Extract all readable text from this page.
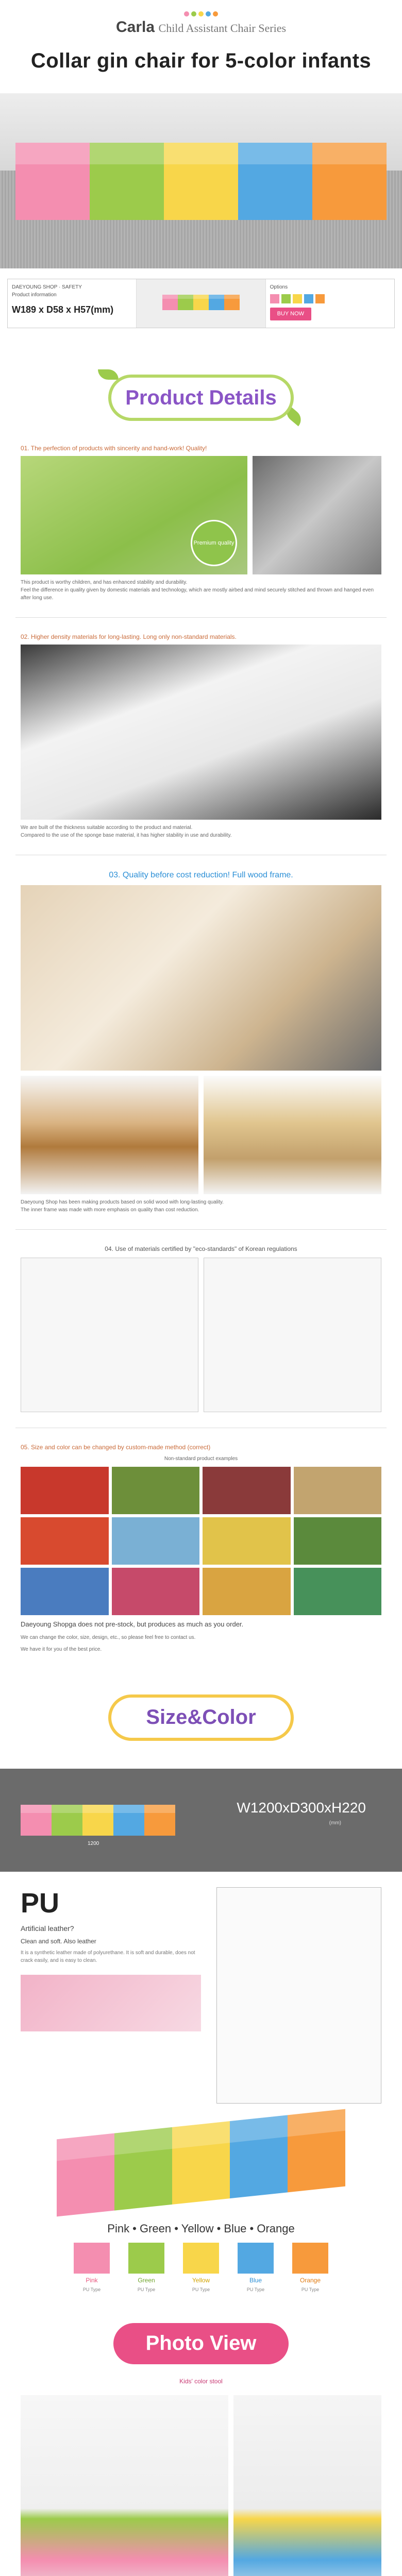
Carla Child Assistant Chair Series
Collar gin chair for 5-color infants
DAEYOUNG SHOP · SAFETY
Product information
W189 x D58 x H57(mm)
Options
BUY NOW
Product Details
01. The perfection of products with sincerity and hand-work! Quality!
Premium quality
This product is worthy children, and has enhanced stability and durability.
Feel the difference in quality given by domestic materials and technology, which are mostly airbed and mind securely stitched and thrown and hanged even after long use.
02. Higher density materials for long-lasting. Long only non-standard materials.
We are built of the thickness suitable according to the product and material.
Compared to the use of the sponge base material, it has higher stability in use and durability.
03. Quality before cost reduction! Full wood frame.
Daeyoung Shop has been making products based on solid wood with long-lasting quality.
The inner frame was made with more emphasis on quality than cost reduction.
04. Use of materials certified by "eco-standards" of Korean regulations
05. Size and color can be changed by custom-made method (correct)
Non-standard product examples
Daeyoung Shopga does not pre-stock, but produces as much as you order.
We can change the color, size, design, etc., so please feel free to contact us.
We have it for you of the best price.
Size&Color
1200
W1200xD300xH220
(mm)
PU
Artificial leather?
Clean and soft. Also leather
It is a synthetic leather made of polyurethane. It is soft and durable, does not crack easily, and is easy to clean.
Pink • Green • Yellow • Blue • Orange
Pink
PU Type
Green
PU Type
Yellow
PU Type
Blue
PU Type
Orange
PU Type
Photo View
Kids' color stool
